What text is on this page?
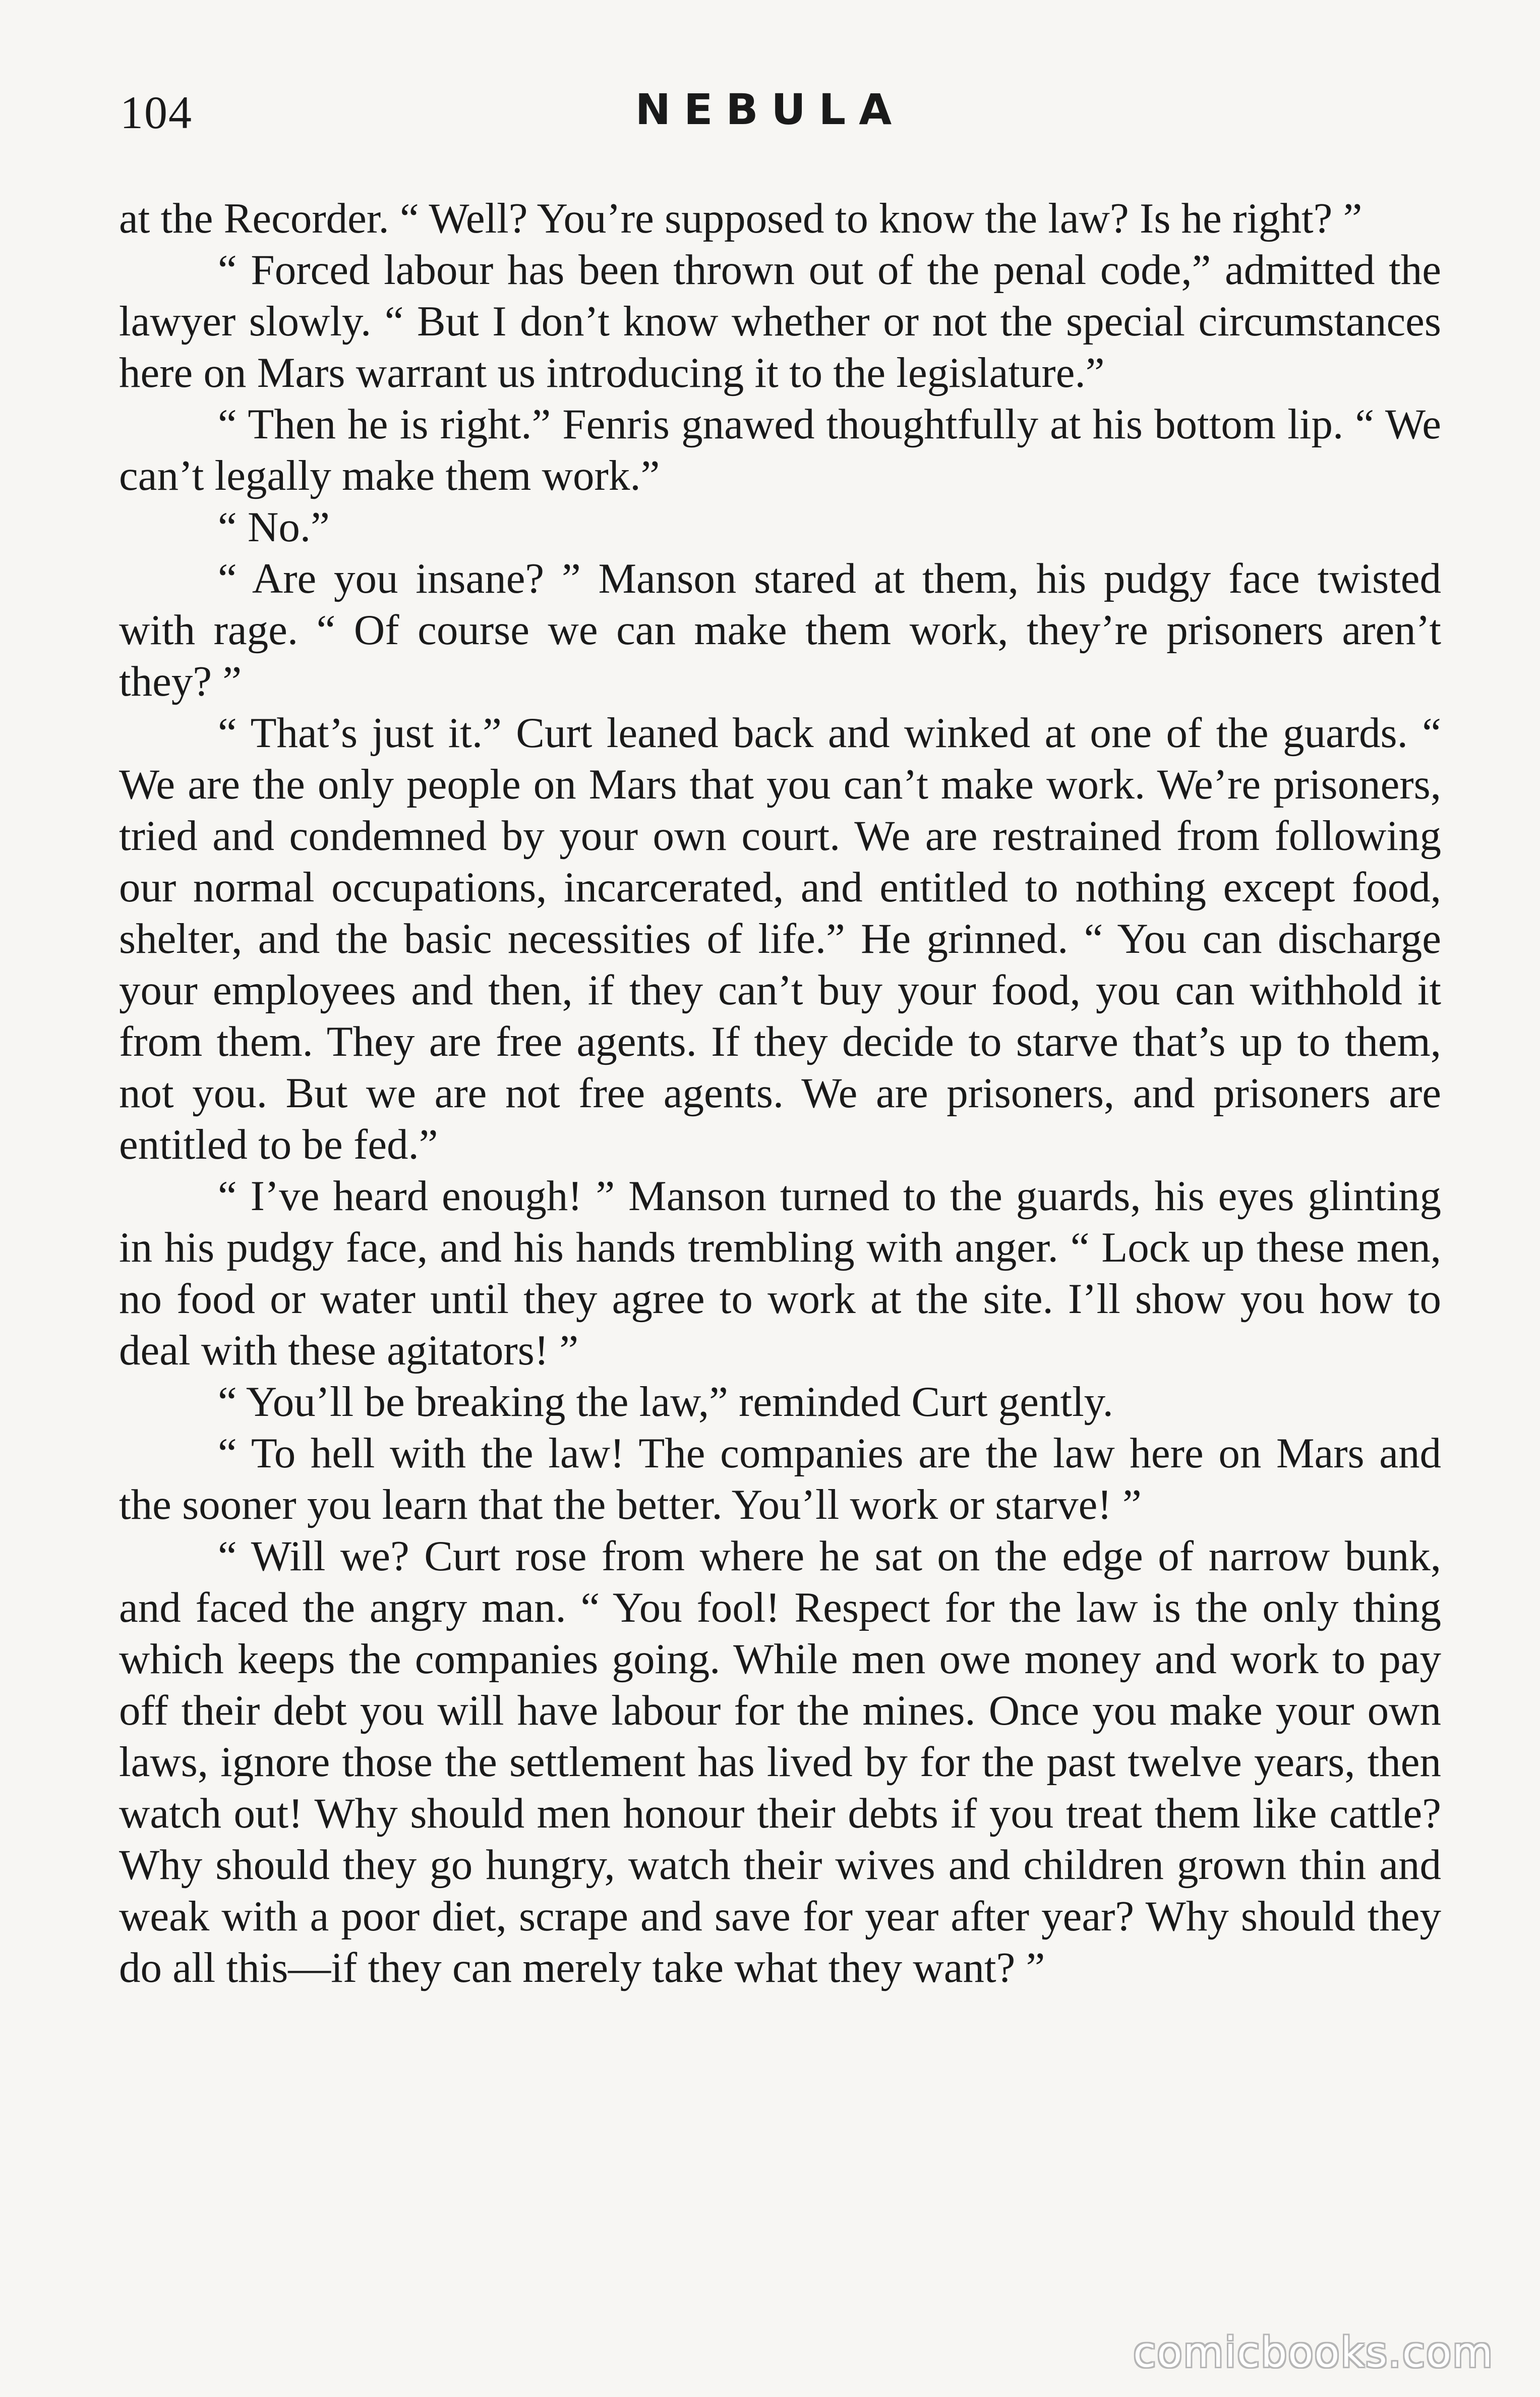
104	NEBULA

at the Recorder. “ Well? You’re supposed to know the law? Is he right? ”

“ Forced labour has been thrown out of the penal code,” admitted the lawyer slowly. “ But I don’t know whether or not the special circumstances here on Mars warrant us introducing it to the legislature.”

“ Then he is right.” Fenris gnawed thoughtfully at his bottom lip. “ We can’t legally make them work.”

“ No.”

“ Are you insane? ” Manson stared at them, his pudgy face twisted with rage. “ Of course we can make them work, they’re prisoners aren’t they? ”

“ That’s just it.” Curt leaned back and winked at one of the guards. “ We are the only people on Mars that you can’t make work. We’re prisoners, tried and condemned by your own court. We are restrained from following our normal occupations, incarcerated, and entitled to nothing except food, shelter, and the basic necessities of life.” He grinned. “ You can discharge your employees and then, if they can’t buy your food, you can withhold it from them. They are free agents. If they decide to starve that’s up to them, not you. But we are not free agents. We are prisoners, and prisoners are entitled to be fed.”

“ I’ve heard enough! ” Manson turned to the guards, his eyes glinting in his pudgy face, and his hands trembling with anger. “ Lock up these men, no food or water until they agree to work at the site. I’ll show you how to deal with these agitators! ”

“ You’ll be breaking the law,” reminded Curt gently.

“ To hell with the law! The companies are the law here on Mars and the sooner you learn that the better. You’ll work or starve! ”

“ Will we? Curt rose from where he sat on the edge of narrow bunk, and faced the angry man. “ You fool! Respect for the law is the only thing which keeps the companies going. While men owe money and work to pay off their debt you will have labour for the mines. Once you make your own laws, ignore those the settlement has lived by for the past twelve years, then watch out! Why should men honour their debts if you treat them like cattle? Why should they go hungry, watch their wives and children grown thin and weak with a poor diet, scrape and save for year after year? Why should they do all this—if they can merely take what they want? ”

comicbooks.com
